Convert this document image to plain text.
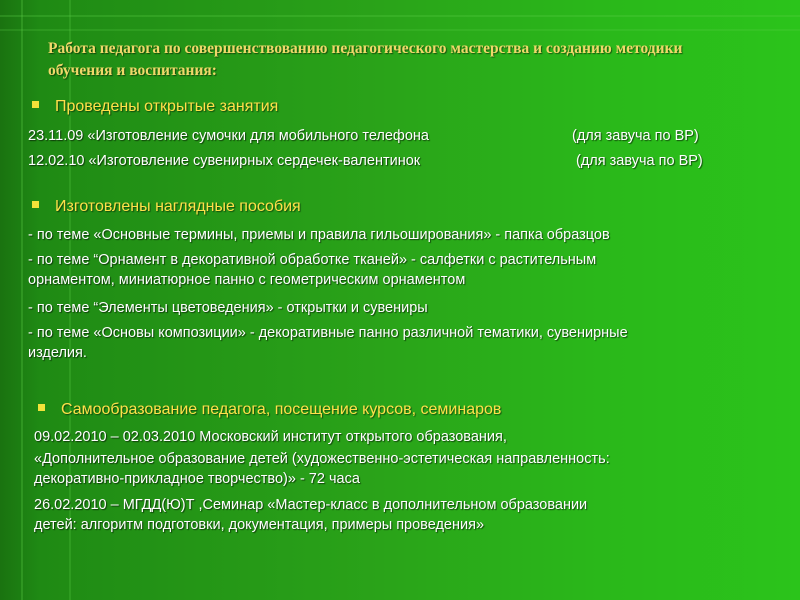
Работа педагога по совершенствованию педагогического мастерства и созданию методики обучения и воспитания:
Проведены открытые занятия
23.11.09 «Изготовление сумочки для мобильного телефона	(для завуча по ВР)
12.02.10 «Изготовление сувенирных сердечек-валентинок	(для завуча по ВР)
Изготовлены наглядные пособия
- по теме «Основные термины, приемы и правила гильоширования» - папка образцов
- по теме “Орнамент в декоративной обработке тканей» - салфетки с растительным
орнаментом, миниатюрное панно с геометрическим орнаментом
- по теме “Элементы цветоведения» - открытки и сувениры
- по теме «Основы композиции» - декоративные панно различной тематики, сувенирные
изделия.
Самообразование педагога, посещение курсов, семинаров
09.02.2010 – 02.03.2010 Московский институт открытого образования,
«Дополнительное образование детей (художественно-эстетическая направленность:
декоративно-прикладное творчество)» - 72 часа
26.02.2010 – МГДД(Ю)Т ,Семинар «Мастер-класс в дополнительном образовании
детей: алгоритм подготовки, документация, примеры проведения»
